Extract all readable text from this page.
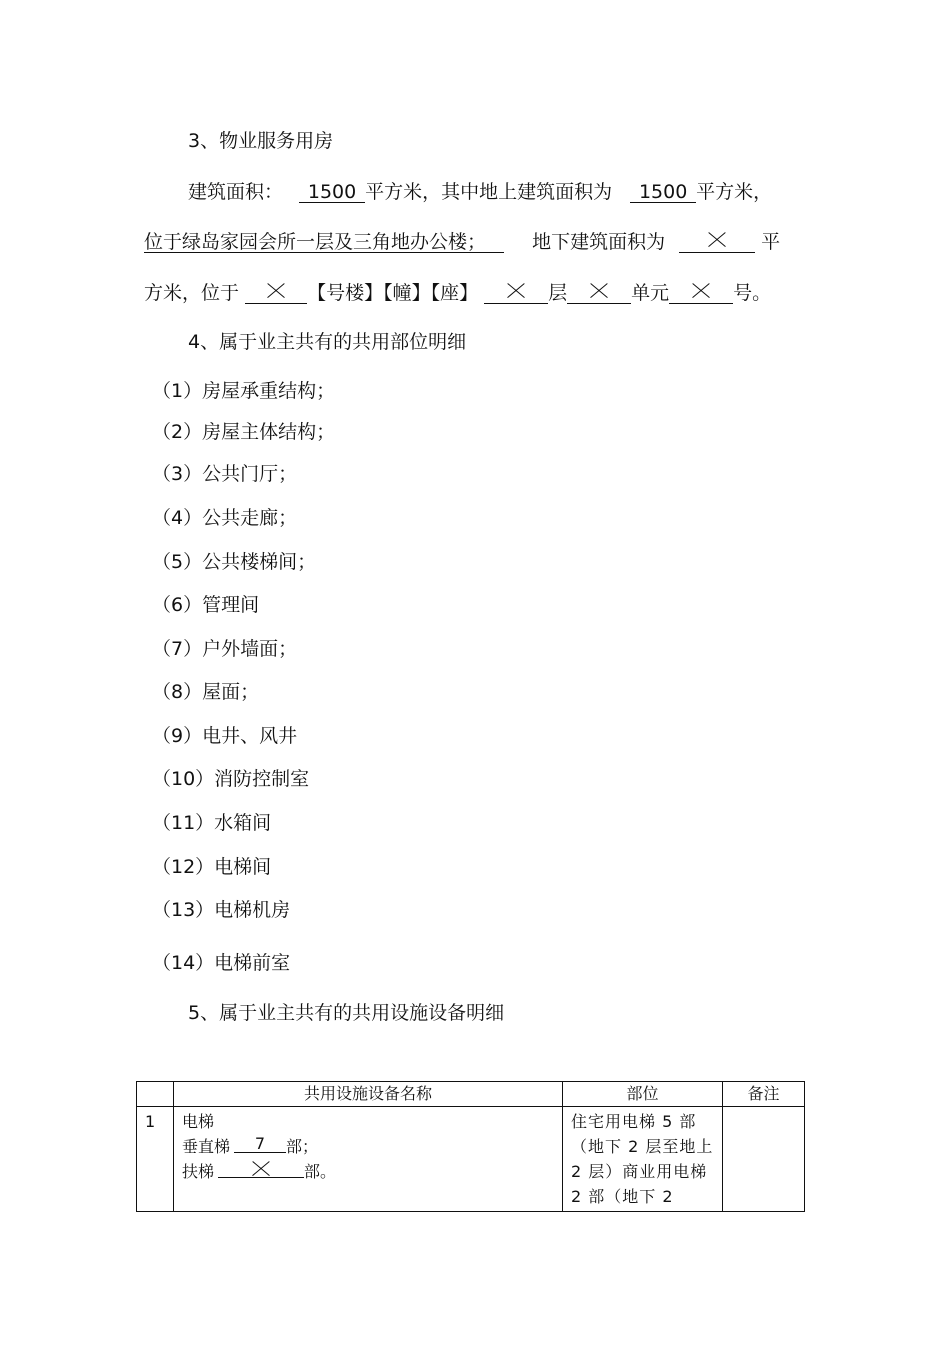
3、物业服务用房
建筑面积： 1500 平方米，其中地上建筑面积为 1500 平方米，
位于绿岛家园会所一层及三角地办公楼； 地下建筑面积为	平
方米，位于	【号楼】【幢】【座】	层	单元	号。
4、属于业主共有的共用部位明细
（1）房屋承重结构；
（2）房屋主体结构；
（3）公共门厅；
（4）公共走廊；
（5）公共楼梯间；
（6）管理间
（7）户外墙面；
（8）屋面；
（9）电井、风井
（10）消防控制室
（11）水箱间
（12）电梯间
（13）电梯机房
（14）电梯前室
5、属于业主共有的共用设施设备明细
	共用设施设备名称	部位	备注

1	电梯
垂直梯 7 部；
扶梯 部。	住宅用电梯 5 部（地下 2 层至地上 2 层）商业用电梯 2 部（地下 2	
